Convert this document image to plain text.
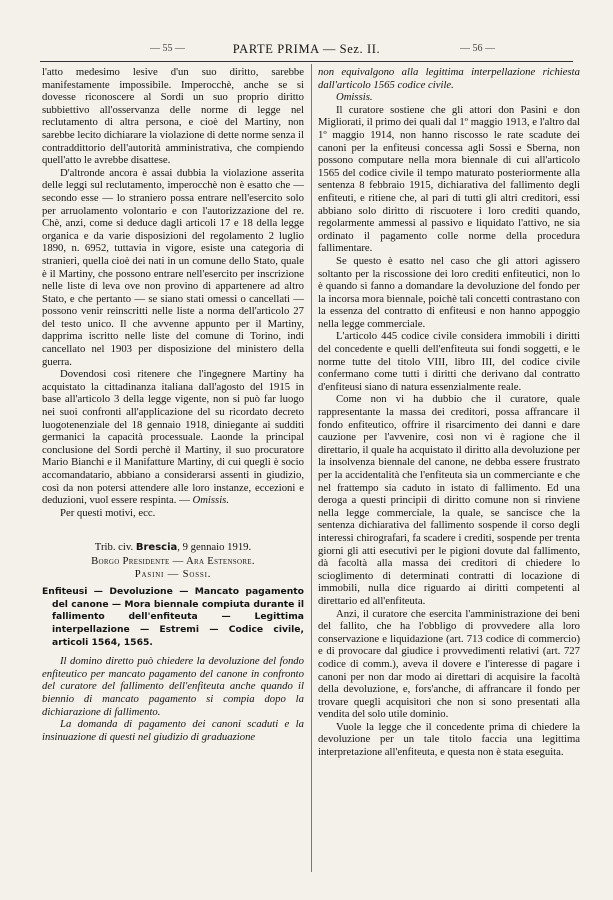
— 55 —	PARTE PRIMA — Sez. II.	— 56 —

l'atto medesimo lesive d'un suo diritto, sarebbe manifestamente impossibile. Imperocchè, anche se si dovesse riconoscere al Sordi un suo proprio diritto subbiettivo all'osservanza delle norme di legge nel reclutamento di altra persona, e cioè del Martiny, non sarebbe lecito dichiarare la violazione di dette norme senza il contraddittorio dell'autorità amministrativa, che compiendo quell'atto le avrebbe disattese.

D'altronde ancora è assai dubbia la violazione asserita delle leggi sul reclutamento, imperocchè non è esatto che — secondo esse — lo straniero possa entrare nell'esercito solo per arruolamento volontario e con l'autorizzazione del re. Chè, anzi, come si deduce dagli articoli 17 e 18 della legge organica e da varie disposizioni del regolamento 2 luglio 1890, n. 6952, tuttavia in vigore, esiste una categoria di stranieri, quella cioè dei nati in un comune dello Stato, quale è il Martiny, che possono entrare nell'esercito per inscrizione nelle liste di leva ove non provino di appartenere ad altro Stato, e che pertanto — se siano stati omessi o cancellati — possono venir reinscritti nelle liste a norma dell'articolo 27 del testo unico. Il che avvenne appunto per il Martiny, dapprima iscritto nelle liste del comune di Torino, indi cancellato nel 1903 per disposizione del ministero della guerra.

Dovendosi così ritenere che l'ingegnere Martiny ha acquistato la cittadinanza italiana dall'agosto del 1915 in base all'articolo 3 della legge vigente, non si può far luogo nei suoi confronti all'applicazione del su ricordato decreto luogotenenziale del 18 gennaio 1918, diniegante ai sudditi germanici la capacità processuale. Laonde la principal conclusione del Sordi perchè il Martiny, il suo procuratore Mario Bianchi e il Manifatture Martiny, di cui quegli è socio accomandatario, abbiano a considerarsi assenti in giudizio, così da non potersi attendere alle loro instanze, eccezioni e deduzioni, vuol essere respinta. — Omissis.

Per questi motivi, ecc.

Trib. civ. Brescia, 9 gennaio 1919.

Borgo Presidente — Ara Estensore.

Pasini — Sossi.

Enfiteusi — Devoluzione — Mancato pagamento del canone — Mora biennale compiuta durante il fallimento dell'enfiteuta — Legittima interpellazione — Estremi — Codice civile, articoli 1564, 1565.

Il domino diretto può chiedere la devoluzione del fondo enfiteutico per mancato pagamento del canone in confronto del curatore del fallimento dell'enfiteuta anche quando il biennio di mancato pagamento si compia dopo la dichiarazione di fallimento.

La domanda di pagamento dei canoni scaduti e la insinuazione di questi nel giudizio di graduazione

non equivalgono alla legittima interpellazione richiesta dall'articolo 1565 codice civile.

Omissis.

Il curatore sostiene che gli attori don Pasini e don Migliorati, il primo dei quali dal 1º maggio 1913, e l'altro dal 1º maggio 1914, non hanno riscosso le rate scadute dei canoni per la enfiteusi concessa agli Sossi e Sberna, non possono computare nella mora biennale di cui all'articolo 1565 del codice civile il tempo maturato posteriormente alla sentenza 8 febbraio 1915, dichiarativa del fallimento degli enfiteuti, e ritiene che, al pari di tutti gli altri creditori, essi abbiano solo diritto di riscuotere i loro crediti quando, regolarmente ammessi al passivo e liquidato l'attivo, ne sia ordinato il pagamento colle norme della procedura fallimentare.

Se questo è esatto nel caso che gli attori agissero soltanto per la riscossione dei loro crediti enfiteutici, non lo è quando si fanno a domandare la devoluzione del fondo per la incorsa mora biennale, poichè tali concetti contrastano con la essenza del contratto di enfiteusi e non hanno appoggio nella legge commerciale.

L'articolo 445 codice civile considera immobili i diritti del concedente e quelli dell'enfiteuta sui fondi soggetti, e le norme tutte del titolo VIII, libro III, del codice civile confermano come tutti i diritti che derivano dal contratto d'enfiteusi siano di natura essenzialmente reale.

Come non vi ha dubbio che il curatore, quale rappresentante la massa dei creditori, possa affrancare il fondo enfiteutico, offrire il risarcimento dei danni e dare cauzione per l'avvenire, così non vi è ragione che il direttario, il quale ha acquistato il diritto alla devoluzione per la insolvenza biennale del canone, ne debba essere frustrato per la accidentalità che l'enfiteuta sia un commerciante e che nel frattempo sia caduto in istato di fallimento. Ed una deroga a questi principii di diritto comune non si rinviene nella legge commerciale, la quale, se sancisce che la sentenza dichiarativa del fallimento sospende il corso degli interessi chirografari, fa scadere i crediti, sospende per trenta giorni gli atti esecutivi per le pigioni dovute dal fallimento, dà facoltà alla massa dei creditori di chiedere lo scioglimento di determinati contratti di locazione di immobili, nulla dice riguardo ai diritti competenti al direttario ed all'enfiteuta.

Anzi, il curatore che esercita l'amministrazione dei beni del fallito, che ha l'obbligo di provvedere alla loro conservazione e liquidazione (art. 713 codice di commercio) e di provocare dal giudice i provvedimenti relativi (art. 727 codice di comm.), aveva il dovere e l'interesse di pagare i canoni per non dar modo ai direttari di acquisire la facoltà della devoluzione, e, fors'anche, di affrancare il fondo per trovare quegli acquisitori che non si sono presentati alla vendita del solo utile dominio.

Vuole la legge che il concedente prima di chiedere la devoluzione per un tale titolo faccia una legittima interpretazione all'enfiteuta, e questa non è stata eseguita.
